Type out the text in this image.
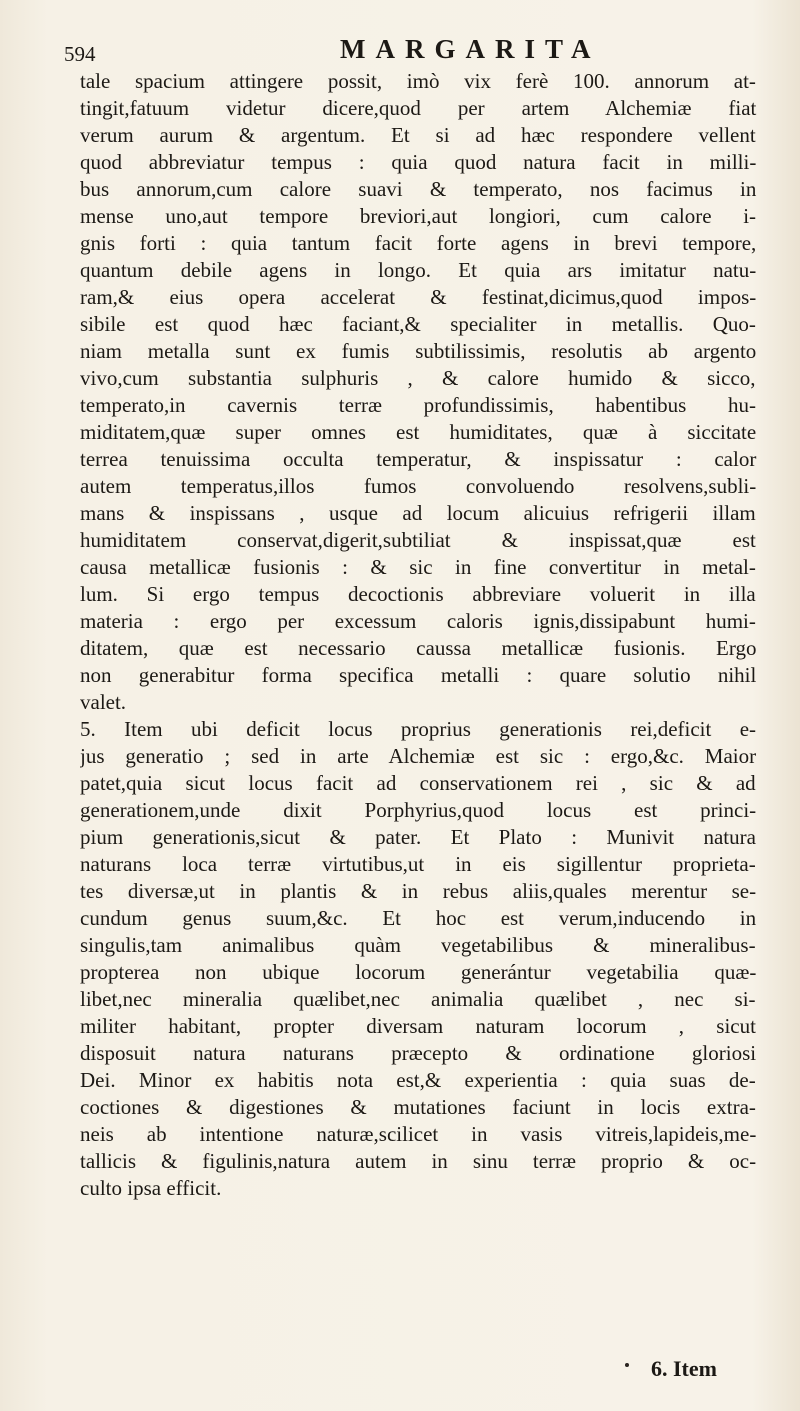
594	MARGARITA
tale spacium attingere possit, imò vix ferè 100. annorum at-
tingit,fatuum videtur dicere,quod per artem Alchemiæ fiat
verum aurum & argentum. Et si ad hæc respondere vellent
quod abbreviatur tempus : quia quod natura facit in milli-
bus annorum,cum calore suavi & temperato, nos facimus in
mense uno,aut tempore breviori,aut longiori, cum calore i-
gnis forti : quia tantum facit forte agens in brevi tempore,
quantum debile agens in longo. Et quia ars imitatur natu-
ram,& eius opera accelerat & festinat,dicimus,quod impos-
sibile est quod hæc faciant,& specialiter in metallis. Quo-
niam metalla sunt ex fumis subtilissimis, resolutis ab argento
vivo,cum substantia sulphuris , & calore humido & sicco,
temperato,in cavernis terræ profundissimis, habentibus hu-
miditatem,quæ super omnes est humiditates, quæ à siccitate
terrea tenuissima occulta temperatur, & inspissatur : calor
autem temperatus,illos fumos convoluendo resolvens,subli-
mans & inspissans , usque ad locum alicuius refrigerii illam
humiditatem conservat,digerit,subtiliat & inspissat,quæ est
causa metallicæ fusionis : & sic in fine convertitur in metal-
lum. Si ergo tempus decoctionis abbreviare voluerit in illa
materia : ergo per excessum caloris ignis,dissipabunt humi-
ditatem, quæ est necessario caussa metallicæ fusionis. Ergo
non generabitur forma specifica metalli : quare solutio nihil
valet.
5. Item ubi deficit locus proprius generationis rei,deficit e-
jus generatio ; sed in arte Alchemiæ est sic : ergo,&c. Maior
patet,quia sicut locus facit ad conservationem rei , sic & ad
generationem,unde dixit Porphyrius,quod locus est princi-
pium generationis,sicut & pater. Et Plato : Munivit natura
naturans loca terræ virtutibus,ut in eis sigillentur proprieta-
tes diversæ,ut in plantis & in rebus aliis,quales merentur se-
cundum genus suum,&c. Et hoc est verum,inducendo in
singulis,tam animalibus quàm vegetabilibus & mineralibus-
propterea non ubique locorum generántur vegetabilia quæ-
libet,nec mineralia quælibet,nec animalia quælibet , nec si-
militer habitant, propter diversam naturam locorum , sicut
disposuit natura naturans præcepto & ordinatione gloriosi
Dei. Minor ex habitis nota est,& experientia : quia suas de-
coctiones & digestiones & mutationes faciunt in locis extra-
neis ab intentione naturæ,scilicet in vasis vitreis,lapideis,me-
tallicis & figulinis,natura autem in sinu terræ proprio & oc-
culto ipsa efficit.
6. Item
